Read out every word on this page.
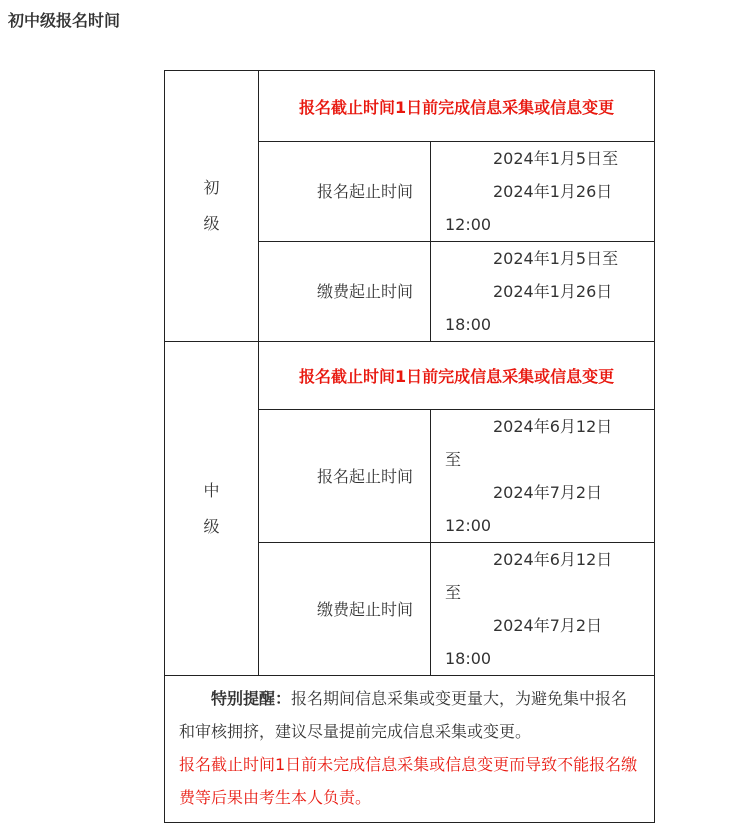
初中级报名时间
初
级	报名截止时间1日前完成信息采集或信息变更	
	报名起止时间	2024年1月5日至
2024年1月26日
12:00

	缴费起止时间	2024年1月5日至
2024年1月26日
18:00

中
级	报名截止时间1日前完成信息采集或信息变更	
	报名起止时间	2024年6月12日
至
2024年7月2日
12:00

	缴费起止时间	2024年6月12日
至
2024年7月2日
18:00

特别提醒：报名期间信息采集或变更量大，为避免集中报名和审核拥挤，建议尽量提前完成信息采集或变更。
报名截止时间1日前未完成信息采集或信息变更而导致不能报名缴费等后果由考生本人负责。		
